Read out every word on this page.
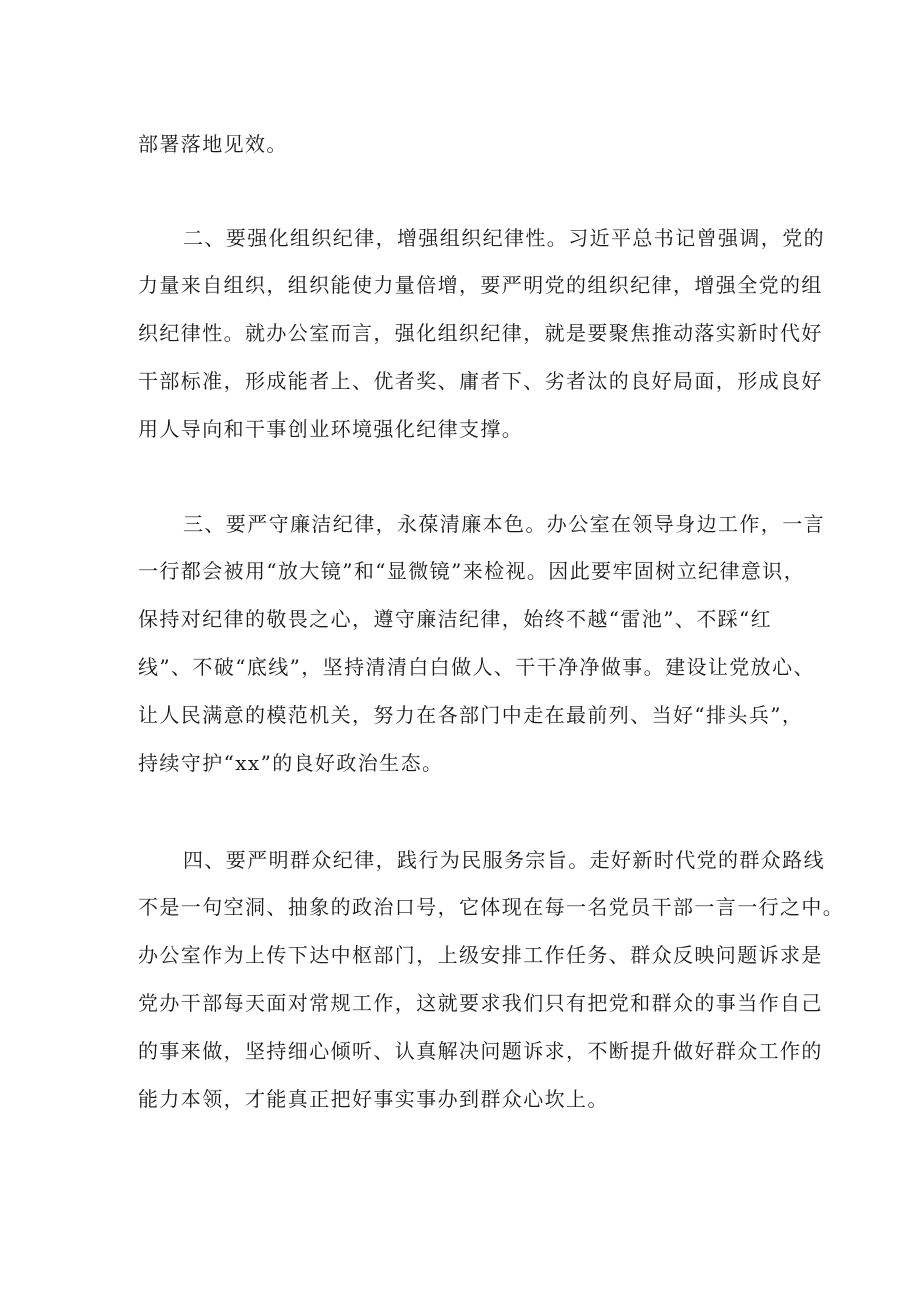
部署落地见效。
二、要强化组织纪律，增强组织纪律性。习近平总书记曾强调，党的
力量来自组织，组织能使力量倍增，要严明党的组织纪律，增强全党的组
织纪律性。就办公室而言，强化组织纪律，就是要聚焦推动落实新时代好
干部标准，形成能者上、优者奖、庸者下、劣者汰的良好局面，形成良好
用人导向和干事创业环境强化纪律支撑。
三、要严守廉洁纪律，永葆清廉本色。办公室在领导身边工作，一言
一行都会被用“放大镜”和“显微镜”来检视。因此要牢固树立纪律意识，
保持对纪律的敬畏之心，遵守廉洁纪律，始终不越“雷池”、不踩“红
线”、不破“底线”，坚持清清白白做人、干干净净做事。建设让党放心、
让人民满意的模范机关，努力在各部门中走在最前列、当好“排头兵”，
持续守护“xx”的良好政治生态。
四、要严明群众纪律，践行为民服务宗旨。走好新时代党的群众路线
不是一句空洞、抽象的政治口号，它体现在每一名党员干部一言一行之中。
办公室作为上传下达中枢部门，上级安排工作任务、群众反映问题诉求是
党办干部每天面对常规工作，这就要求我们只有把党和群众的事当作自己
的事来做，坚持细心倾听、认真解决问题诉求，不断提升做好群众工作的
能力本领，才能真正把好事实事办到群众心坎上。
